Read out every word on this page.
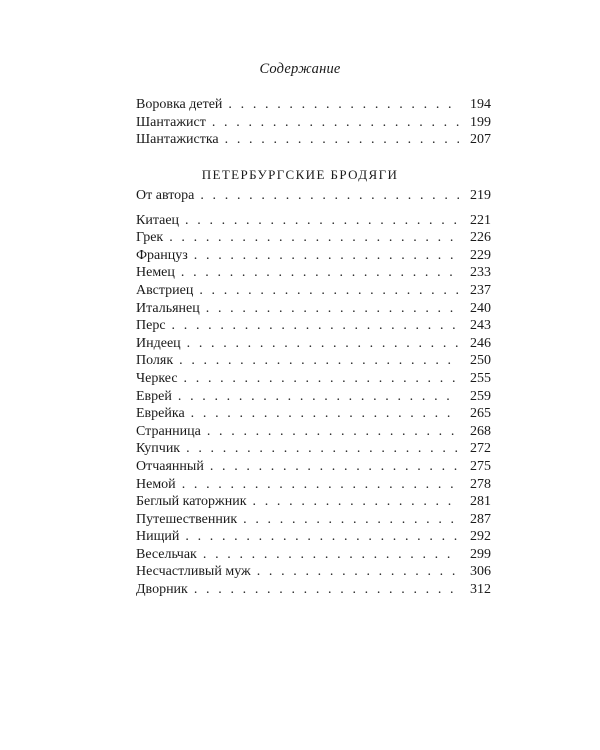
Содержание
Воровка детей . . .	194
Шантажист . . .	199
Шантажистка . . .	207
ПЕТЕРБУРГСКИЕ БРОДЯГИ
От автора . . .	219
Китаец . . .	221
Грек . . .	226
Француз . . .	229
Немец . . .	233
Австриец . . .	237
Итальянец . . .	240
Перс . . .	243
Индеец . . .	246
Поляк . . .	250
Черкес . . .	255
Еврей . . .	259
Еврейка . . .	265
Странница . . .	268
Купчик . . .	272
Отчаянный . . .	275
Немой . . .	278
Беглый каторжник . . .	281
Путешественник . . .	287
Нищий . . .	292
Весельчак . . .	299
Несчастливый муж . . .	306
Дворник . . .	312
